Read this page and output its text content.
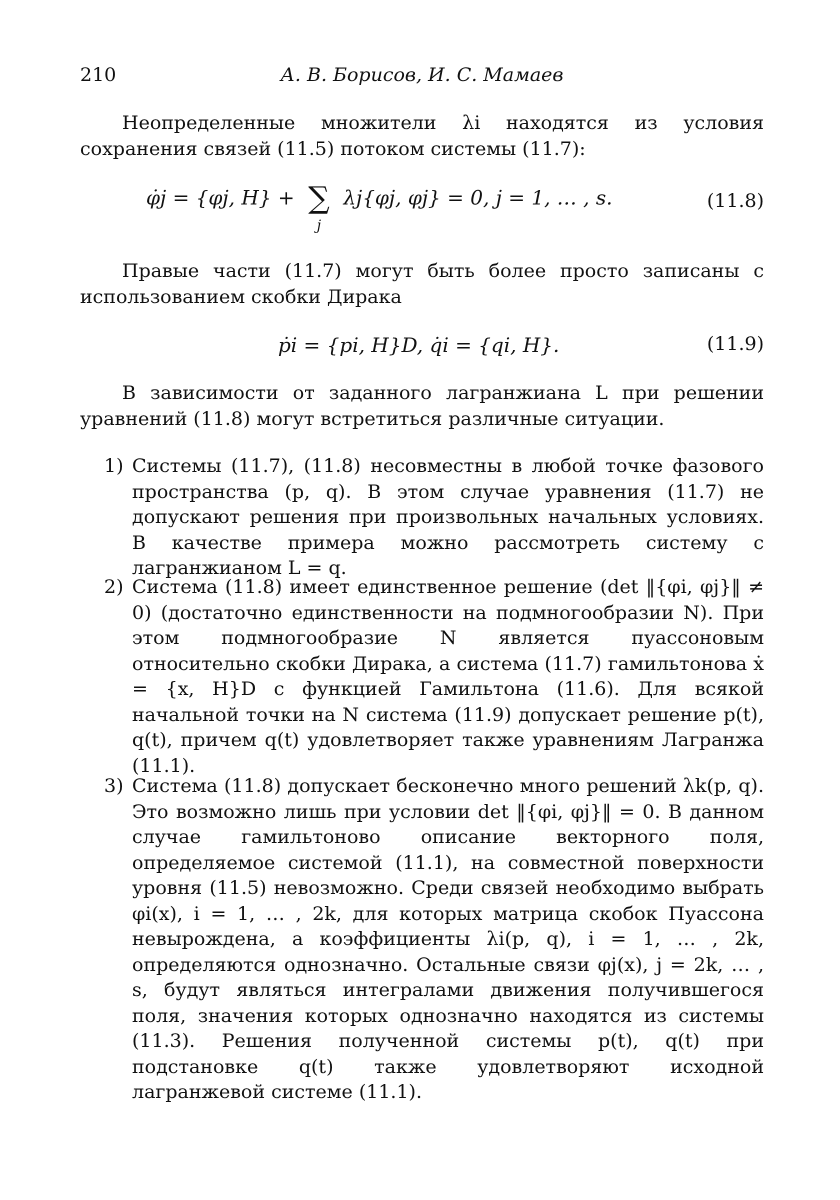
210	А. В. Борисов, И. С. Мамаев

Неопределенные множители λi находятся из условия сохранения связей (11.5) потоком системы (11.7):

φ̇j = {φj, H} + ∑
j
λj{φj, φj} = 0, j = 1, … , s.	(11.8)

Правые части (11.7) могут быть более просто записаны с использованием скобки Дирака

ṗi = {pi, H}D, q̇i = {qi, H}.	(11.9)

В зависимости от заданного лагранжиана L при решении уравнений (11.8) могут встретиться различные ситуации.

1) Системы (11.7), (11.8) несовместны в любой точке фазового пространства (p, q). В этом случае уравнения (11.7) не допускают решения при произвольных начальных условиях. В качестве примера можно рассмотреть систему с лагранжианом L = q.
2) Система (11.8) имеет единственное решение (det ‖{φi, φj}‖ ≠ 0) (достаточно единственности на подмногообразии N). При этом подмногообразие N является пуассоновым относительно скобки Дирака, а система (11.7) гамильтонова ẋ = {x, H}D с функцией Гамильтона (11.6). Для всякой начальной точки на N система (11.9) допускает решение p(t), q(t), причем q(t) удовлетворяет также уравнениям Лагранжа (11.1).
3) Система (11.8) допускает бесконечно много решений λk(p, q). Это возможно лишь при условии det ‖{φi, φj}‖ = 0. В данном случае гамильтоново описание векторного поля, определяемое системой (11.1), на совместной поверхности уровня (11.5) невозможно. Среди связей необходимо выбрать φi(x), i = 1, … , 2k, для которых матрица скобок Пуассона невырождена, а коэффициенты λi(p, q), i = 1, … , 2k, определяются однозначно. Остальные связи φj(x), j = 2k, … , s, будут являться интегралами движения получившегося поля, значения которых однозначно находятся из системы (11.3). Решения полученной системы p(t), q(t) при подстановке q(t) также удовлетворяют исходной лагранжевой системе (11.1).
